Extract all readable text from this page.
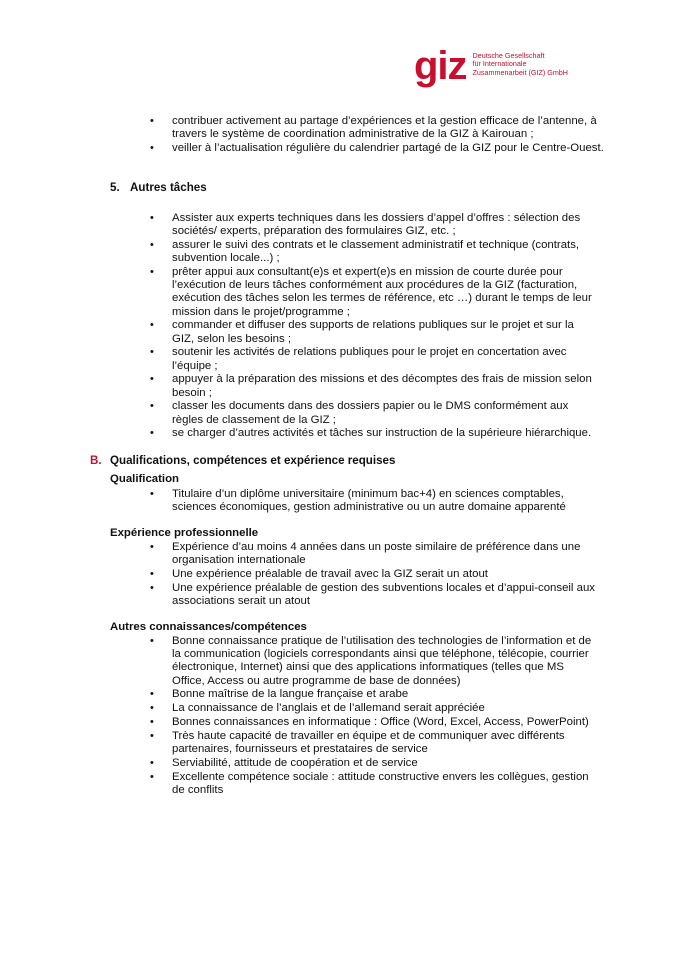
giz Deutsche Gesellschaft
für Internationale
Zusammenarbeit (GIZ) GmbH
• contribuer activement au partage d’expériences et la gestion efficace de l’antenne, à travers le système de coordination administrative de la GIZ à Kairouan ;
• veiller à l’actualisation régulière du calendrier partagé de la GIZ pour le Centre-Ouest.
5. Autres tâches
• Assister aux experts techniques dans les dossiers d’appel d’offres : sélection des sociétés/ experts, préparation des formulaires GIZ, etc. ;
• assurer le suivi des contrats et le classement administratif et technique (contrats, subvention locale...) ;
• prêter appui aux consultant(e)s et expert(e)s en mission de courte durée pour l’exécution de leurs tâches conformément aux procédures de la GIZ (facturation, exécution des tâches selon les termes de référence, etc …) durant le temps de leur mission dans le projet/programme ;
• commander et diffuser des supports de relations publiques sur le projet et sur la GIZ, selon les besoins ;
• soutenir les activités de relations publiques pour le projet en concertation avec l’équipe ;
• appuyer à la préparation des missions et des décomptes des frais de mission selon besoin ;
• classer les documents dans des dossiers papier ou le DMS conformément aux règles de classement de la GIZ ;
• se charger d’autres activités et tâches sur instruction de la supérieure hiérarchique.
B. Qualifications, compétences et expérience requises
Qualification
• Titulaire d’un diplôme universitaire (minimum bac+4) en sciences comptables, sciences économiques, gestion administrative ou un autre domaine apparenté
Expérience professionnelle
• Expérience d’au moins 4 années dans un poste similaire de préférence dans une organisation internationale
• Une expérience préalable de travail avec la GIZ serait un atout
• Une expérience préalable de gestion des subventions locales et d’appui-conseil aux associations serait un atout
Autres connaissances/compétences
• Bonne connaissance pratique de l’utilisation des technologies de l’information et de la communication (logiciels correspondants ainsi que téléphone, télécopie, courrier électronique, Internet) ainsi que des applications informatiques (telles que MS Office, Access ou autre programme de base de données)
• Bonne maîtrise de la langue française et arabe
• La connaissance de l’anglais et de l’allemand serait appréciée
• Bonnes connaissances en informatique : Office (Word, Excel, Access, PowerPoint)
• Très haute capacité de travailler en équipe et de communiquer avec différents partenaires, fournisseurs et prestataires de service
• Serviabilité, attitude de coopération et de service
• Excellente compétence sociale : attitude constructive envers les collègues, gestion de conflits
